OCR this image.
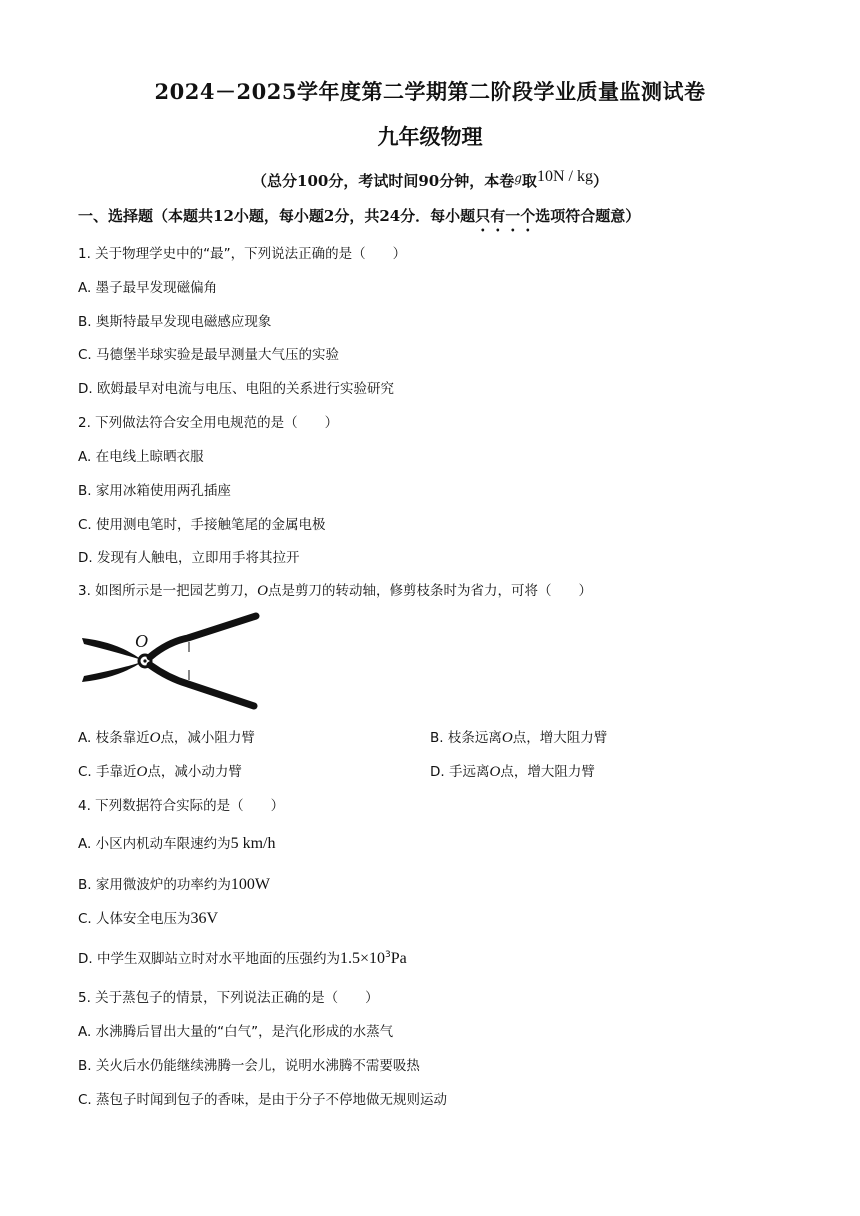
2024－2025学年度第二学期第二阶段学业质量监测试卷
九年级物理
（总分100分，考试时间90分钟，本卷$^g$取10N / kg）
一、选择题（本题共12小题，每小题2分，共24分．每小题只有一个选项符合题意）
1. 关于物理学史中的“最”，下列说法正确的是（　　）
A. 墨子最早发现磁偏角
B. 奥斯特最早发现电磁感应现象
C. 马德堡半球实验是最早测量大气压的实验
D. 欧姆最早对电流与电压、电阻的关系进行实验研究
2. 下列做法符合安全用电规范的是（　　）
A. 在电线上晾晒衣服
B. 家用冰箱使用两孔插座
C. 使用测电笔时，手接触笔尾的金属电极
D. 发现有人触电，立即用手将其拉开
3. 如图所示是一把园艺剪刀，O点是剪刀的转动轴，修剪枝条时为省力，可将（　　）
O
A. 枝条靠近O点，减小阻力臂	B. 枝条远离O点，增大阻力臂
C. 手靠近O点，减小动力臂	D. 手远离O点，增大阻力臂
4. 下列数据符合实际的是（　　）
A. 小区内机动车限速约为5 km/h
B. 家用微波炉的功率约为100W
C. 人体安全电压为36V
D. 中学生双脚站立时对水平地面的压强约为$1.5\times 10^3Pa$
5. 关于蒸包子的情景，下列说法正确的是（　　）
A. 水沸腾后冒出大量的“白气”，是汽化形成的水蒸气
B. 关火后水仍能继续沸腾一会儿，说明水沸腾不需要吸热
C. 蒸包子时闻到包子的香味，是由于分子不停地做无规则运动
